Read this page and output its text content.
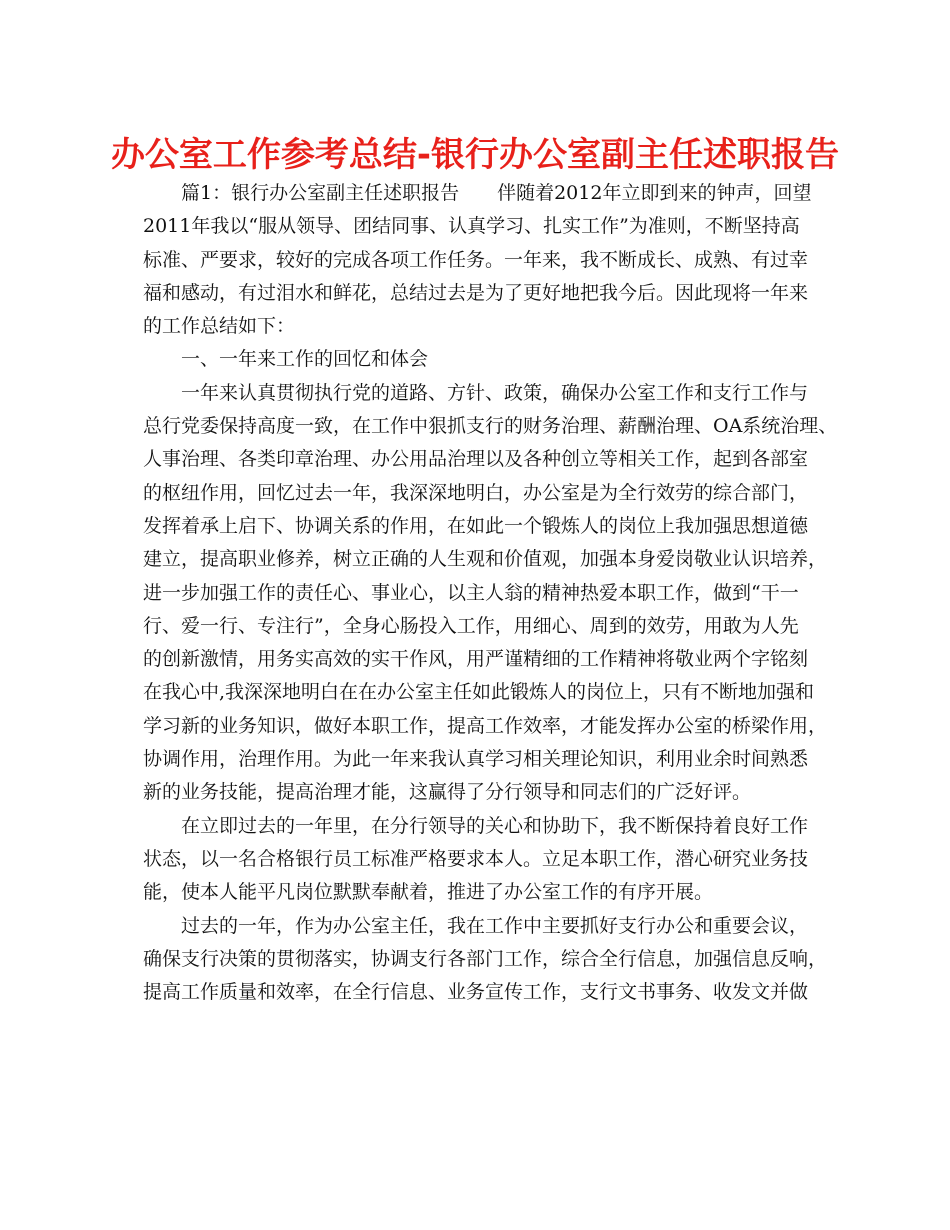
办公室工作参考总结-银行办公室副主任述职报告
篇1：银行办公室副主任述职报告 伴随着2012年立即到来的钟声，回望
2011年我以“服从领导、团结同事、认真学习、扎实工作”为准则，不断坚持高
标准、严要求，较好的完成各项工作任务。一年来，我不断成长、成熟、有过幸
福和感动，有过泪水和鲜花，总结过去是为了更好地把我今后。因此现将一年来
的工作总结如下：
一、一年来工作的回忆和体会
一年来认真贯彻执行党的道路、方针、政策，确保办公室工作和支行工作与
总行党委保持高度一致，在工作中狠抓支行的财务治理、薪酬治理、OA系统治理、
人事治理、各类印章治理、办公用品治理以及各种创立等相关工作，起到各部室
的枢纽作用，回忆过去一年，我深深地明白，办公室是为全行效劳的综合部门，
发挥着承上启下、协调关系的作用，在如此一个锻炼人的岗位上我加强思想道德
建立，提高职业修养，树立正确的人生观和价值观，加强本身爱岗敬业认识培养，
进一步加强工作的责任心、事业心，以主人翁的精神热爱本职工作，做到“干一
行、爱一行、专注行”，全身心肠投入工作，用细心、周到的效劳，用敢为人先
的创新激情，用务实高效的实干作风，用严谨精细的工作精神将敬业两个字铭刻
在我心中,我深深地明白在在办公室主任如此锻炼人的岗位上，只有不断地加强和
学习新的业务知识，做好本职工作，提高工作效率，才能发挥办公室的桥梁作用，
协调作用，治理作用。为此一年来我认真学习相关理论知识，利用业余时间熟悉
新的业务技能，提高治理才能，这赢得了分行领导和同志们的广泛好评。
在立即过去的一年里，在分行领导的关心和协助下，我不断保持着良好工作
状态，以一名合格银行员工标准严格要求本人。立足本职工作，潜心研究业务技
能，使本人能平凡岗位默默奉献着，推进了办公室工作的有序开展。
过去的一年，作为办公室主任，我在工作中主要抓好支行办公和重要会议，
确保支行决策的贯彻落实，协调支行各部门工作，综合全行信息，加强信息反响，
提高工作质量和效率，在全行信息、业务宣传工作，支行文书事务、收发文并做
